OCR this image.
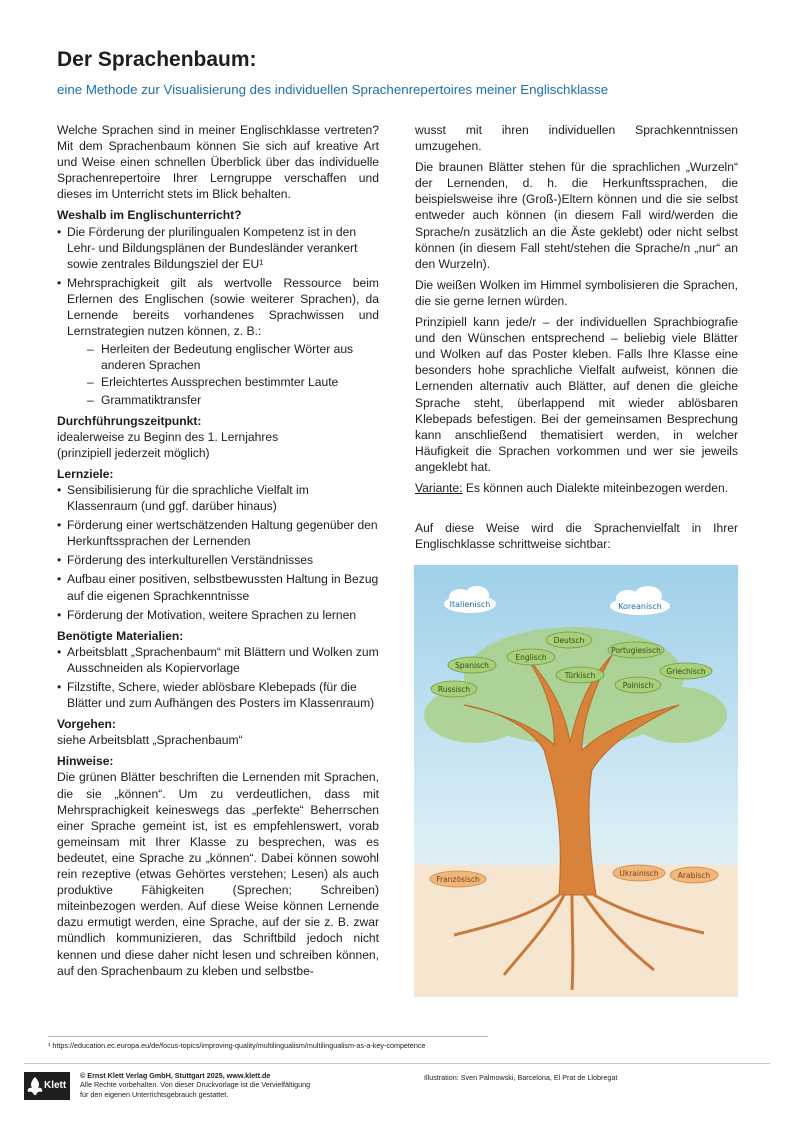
Der Sprachenbaum:
eine Methode zur Visualisierung des individuellen Sprachenrepertoires meiner Englischklasse

Welche Sprachen sind in meiner Englischklasse vertreten? Mit dem Sprachenbaum können Sie sich auf kreative Art und Weise einen schnellen Überblick über das individuelle Sprachenrepertoire Ihrer Lerngruppe verschaffen und dieses im Unterricht stets im Blick behalten.

Weshalb im Englischunterricht?
• Die Förderung der plurilingualen Kompetenz ist in den Lehr- und Bildungsplänen der Bundesländer verankert sowie zentrales Bildungsziel der EU¹

• Mehrsprachigkeit gilt als wertvolle Ressource beim Erlernen des Englischen (sowie weiterer Sprachen), da Lernende bereits vorhandenes Sprachwissen und Lernstrategien nutzen können, z. B.:

– Herleiten der Bedeutung englischer Wörter aus anderen Sprachen
– Erleichtertes Aussprechen bestimmter Laute
– Grammatiktransfer
Durchführungszeitpunkt:
idealerweise zu Beginn des 1. Lernjahres
(prinzipiell jederzeit möglich)
Lernziele:
• Sensibilisierung für die sprachliche Vielfalt im Klassenraum (und ggf. darüber hinaus)
• Förderung einer wertschätzenden Haltung gegenüber den Herkunftssprachen der Lernenden
• Förderung des interkulturellen Verständnisses
• Aufbau einer positiven, selbstbewussten Haltung in Bezug auf die eigenen Sprachkenntnisse
• Förderung der Motivation, weitere Sprachen zu lernen
Benötigte Materialien:
• Arbeitsblatt „Sprachenbaum“ mit Blättern und Wolken zum Ausschneiden als Kopiervorlage
• Filzstifte, Schere, wieder ablösbare Klebepads (für die Blätter und zum Aufhängen des Posters im Klassenraum)
Vorgehen:
siehe Arbeitsblatt „Sprachenbaum“
Hinweise:

Die grünen Blätter beschriften die Lernenden mit Sprachen, die sie „können“. Um zu verdeutlichen, dass mit Mehrsprachigkeit keineswegs das „perfekte“ Beherrschen einer Sprache gemeint ist, ist es empfehlenswert, vorab gemeinsam mit Ihrer Klasse zu besprechen, was es bedeutet, eine Sprache zu „können“. Dabei können sowohl rein rezeptive (etwas Gehörtes verstehen; Lesen) als auch produktive Fähigkeiten (Sprechen; Schreiben) miteinbezogen werden. Auf diese Weise können Lernende dazu ermutigt werden, eine Sprache, auf der sie z. B. zwar mündlich kommunizieren, das Schriftbild jedoch nicht kennen und diese daher nicht lesen und schreiben können, auf den Sprachenbaum zu kleben und selbstbe-

wusst mit ihren individuellen Sprachkenntnissen umzugehen.

Die braunen Blätter stehen für die sprachlichen „Wurzeln“ der Lernenden, d. h. die Herkunftssprachen, die beispielsweise ihre (Groß-)Eltern können und die sie selbst entweder auch können (in diesem Fall wird/werden die Sprache/n zusätzlich an die Äste geklebt) oder nicht selbst können (in diesem Fall steht/stehen die Sprache/n „nur“ an den Wurzeln).

Die weißen Wolken im Himmel symbolisieren die Sprachen, die sie gerne lernen würden.

Prinzipiell kann jede/r – der individuellen Sprachbiografie und den Wünschen entsprechend – beliebig viele Blätter und Wolken auf das Poster kleben. Falls Ihre Klasse eine besonders hohe sprachliche Vielfalt aufweist, können die Lernenden alternativ auch Blätter, auf denen die gleiche Sprache steht, überlappend mit wieder ablösbaren Klebepads befestigen. Bei der gemeinsamen Besprechung kann anschließend thematisiert werden, in welcher Häufigkeit die Sprachen vorkommen und wer sie jeweils angeklebt hat.

Variante: Es können auch Dialekte miteinbezogen werden.

Auf diese Weise wird die Sprachenvielfalt in Ihrer Englischklasse schrittweise sichtbar:

Italienisch	Koreanisch
Deutsch
Portugiesisch
Spanisch
Englisch
Türkisch	Griechisch
Polnisch
Russisch
Französisch
Ukrainisch	Arabisch
¹ https://education.ec.europa.eu/de/focus-topics/improving-quality/multilingualism/multilingualism-as-a-key-competence
Klett
© Ernst Klett Verlag GmbH, Stuttgart 2025, www.klett.de
Alle Rechte vorbehalten. Von dieser Druckvorlage ist die Vervielfältigung
für den eigenen Unterrichtsgebrauch gestattet.
Illustration: Sven Palmowski, Barcelona, El Prat de Llobregat
